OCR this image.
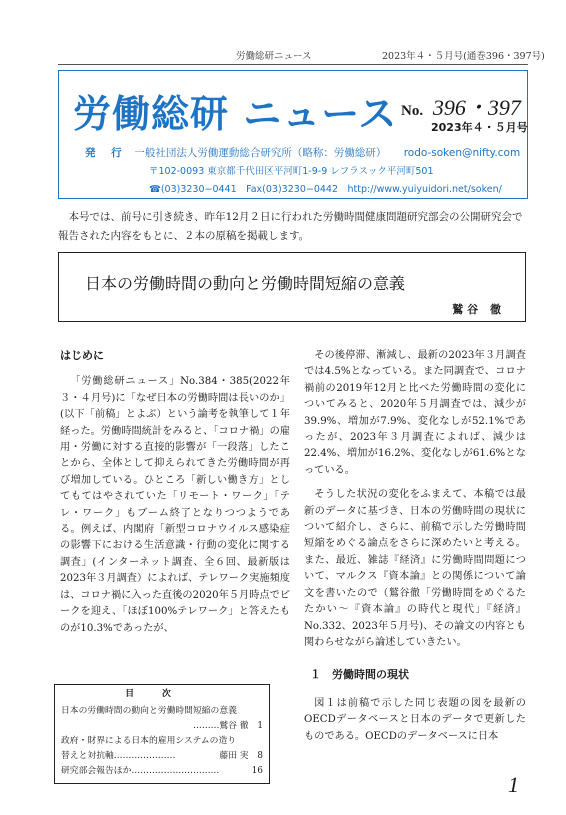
労働総研ニュース	2023年４・５月号(通巻396・397号)
労働総研 ニュース No. 396・397
2023年４・５月号
発 行 一般社団法人労働運動総合研究所（略称：労働総研） rodo-soken@nifty.com
〒102-0093 東京都千代田区平河町1-9-9 レフラスック平河町501
☎(03)3230−0441　Fax(03)3230−0442　http://www.yuiyuidori.net/soken/

本号では、前号に引き続き、昨年12月２日に行われた労働時間健康問題研究部会の公開研究会で報告された内容をもとに、２本の原稿を掲載します。

日本の労働時間の動向と労働時間短縮の意義
鷲谷 徹
はじめに

「労働総研ニュース」No.384・385(2022年３・４月号)に「なぜ日本の労働時間は長いのか」(以下「前稿」とよぶ）という論考を執筆して１年経った。労働時間統計をみると、「コロナ禍」の雇用・労働に対する直接的影響が「一段落」したことから、全体として抑えられてきた労働時間が再び増加している。ひところ「新しい働き方」としてもてはやされていた「リモート・ワーク」「テレ・ワーク」もブーム終了となりつつようである。例えば、内閣府「新型コロナウイルス感染症の影響下における生活意識・行動の変化に関する調査」(インターネット調査、全６回、最新版は2023年３月調査）によれば、テレワーク実施頻度は、コロナ禍に入った直後の2020年５月時点でピークを迎え、「ほぼ100%テレワーク」と答えたものが10.3%であったが、

その後停滞、漸減し、最新の2023年３月調査では4.5%となっている。また同調査で、コロナ禍前の2019年12月と比べた労働時間の変化についてみると、2020年５月調査では、減少が39.9%、増加が7.9%、変化なしが52.1%であったが、2023年３月調査によれば、減少は22.4%、増加が16.2%、変化なしが61.6%となっている。

そうした状況の変化をふまえて、本稿では最新のデータに基づき、日本の労働時間の現状について紹介し、さらに、前稿で示した労働時間短縮をめぐる論点をさらに深めたいと考える。また、最近、雑誌『経済』に労働時間問題について、マルクス『資本論』との関係について論文を書いたので（鷲谷徹「労働時間をめぐるたたかい〜『資本論』の時代と現代」『経済』No.332、2023年５月号)、その論文の内容とも関わらせながら論述していきたい。

１　労働時間の現状

図１は前稿で示した同じ表題の図を最新のOECDデータベースと日本のデータで更新したものである。OECDのデータベースに日本

目次
日本の労働時間の動向と労働時間短縮の意義
………鷲谷 徹　1

政府・財界による日本的雇用システムの造り
替えと対抗軸…………………	藤田 実　8
研究部会報告ほか…………………………	16
1
